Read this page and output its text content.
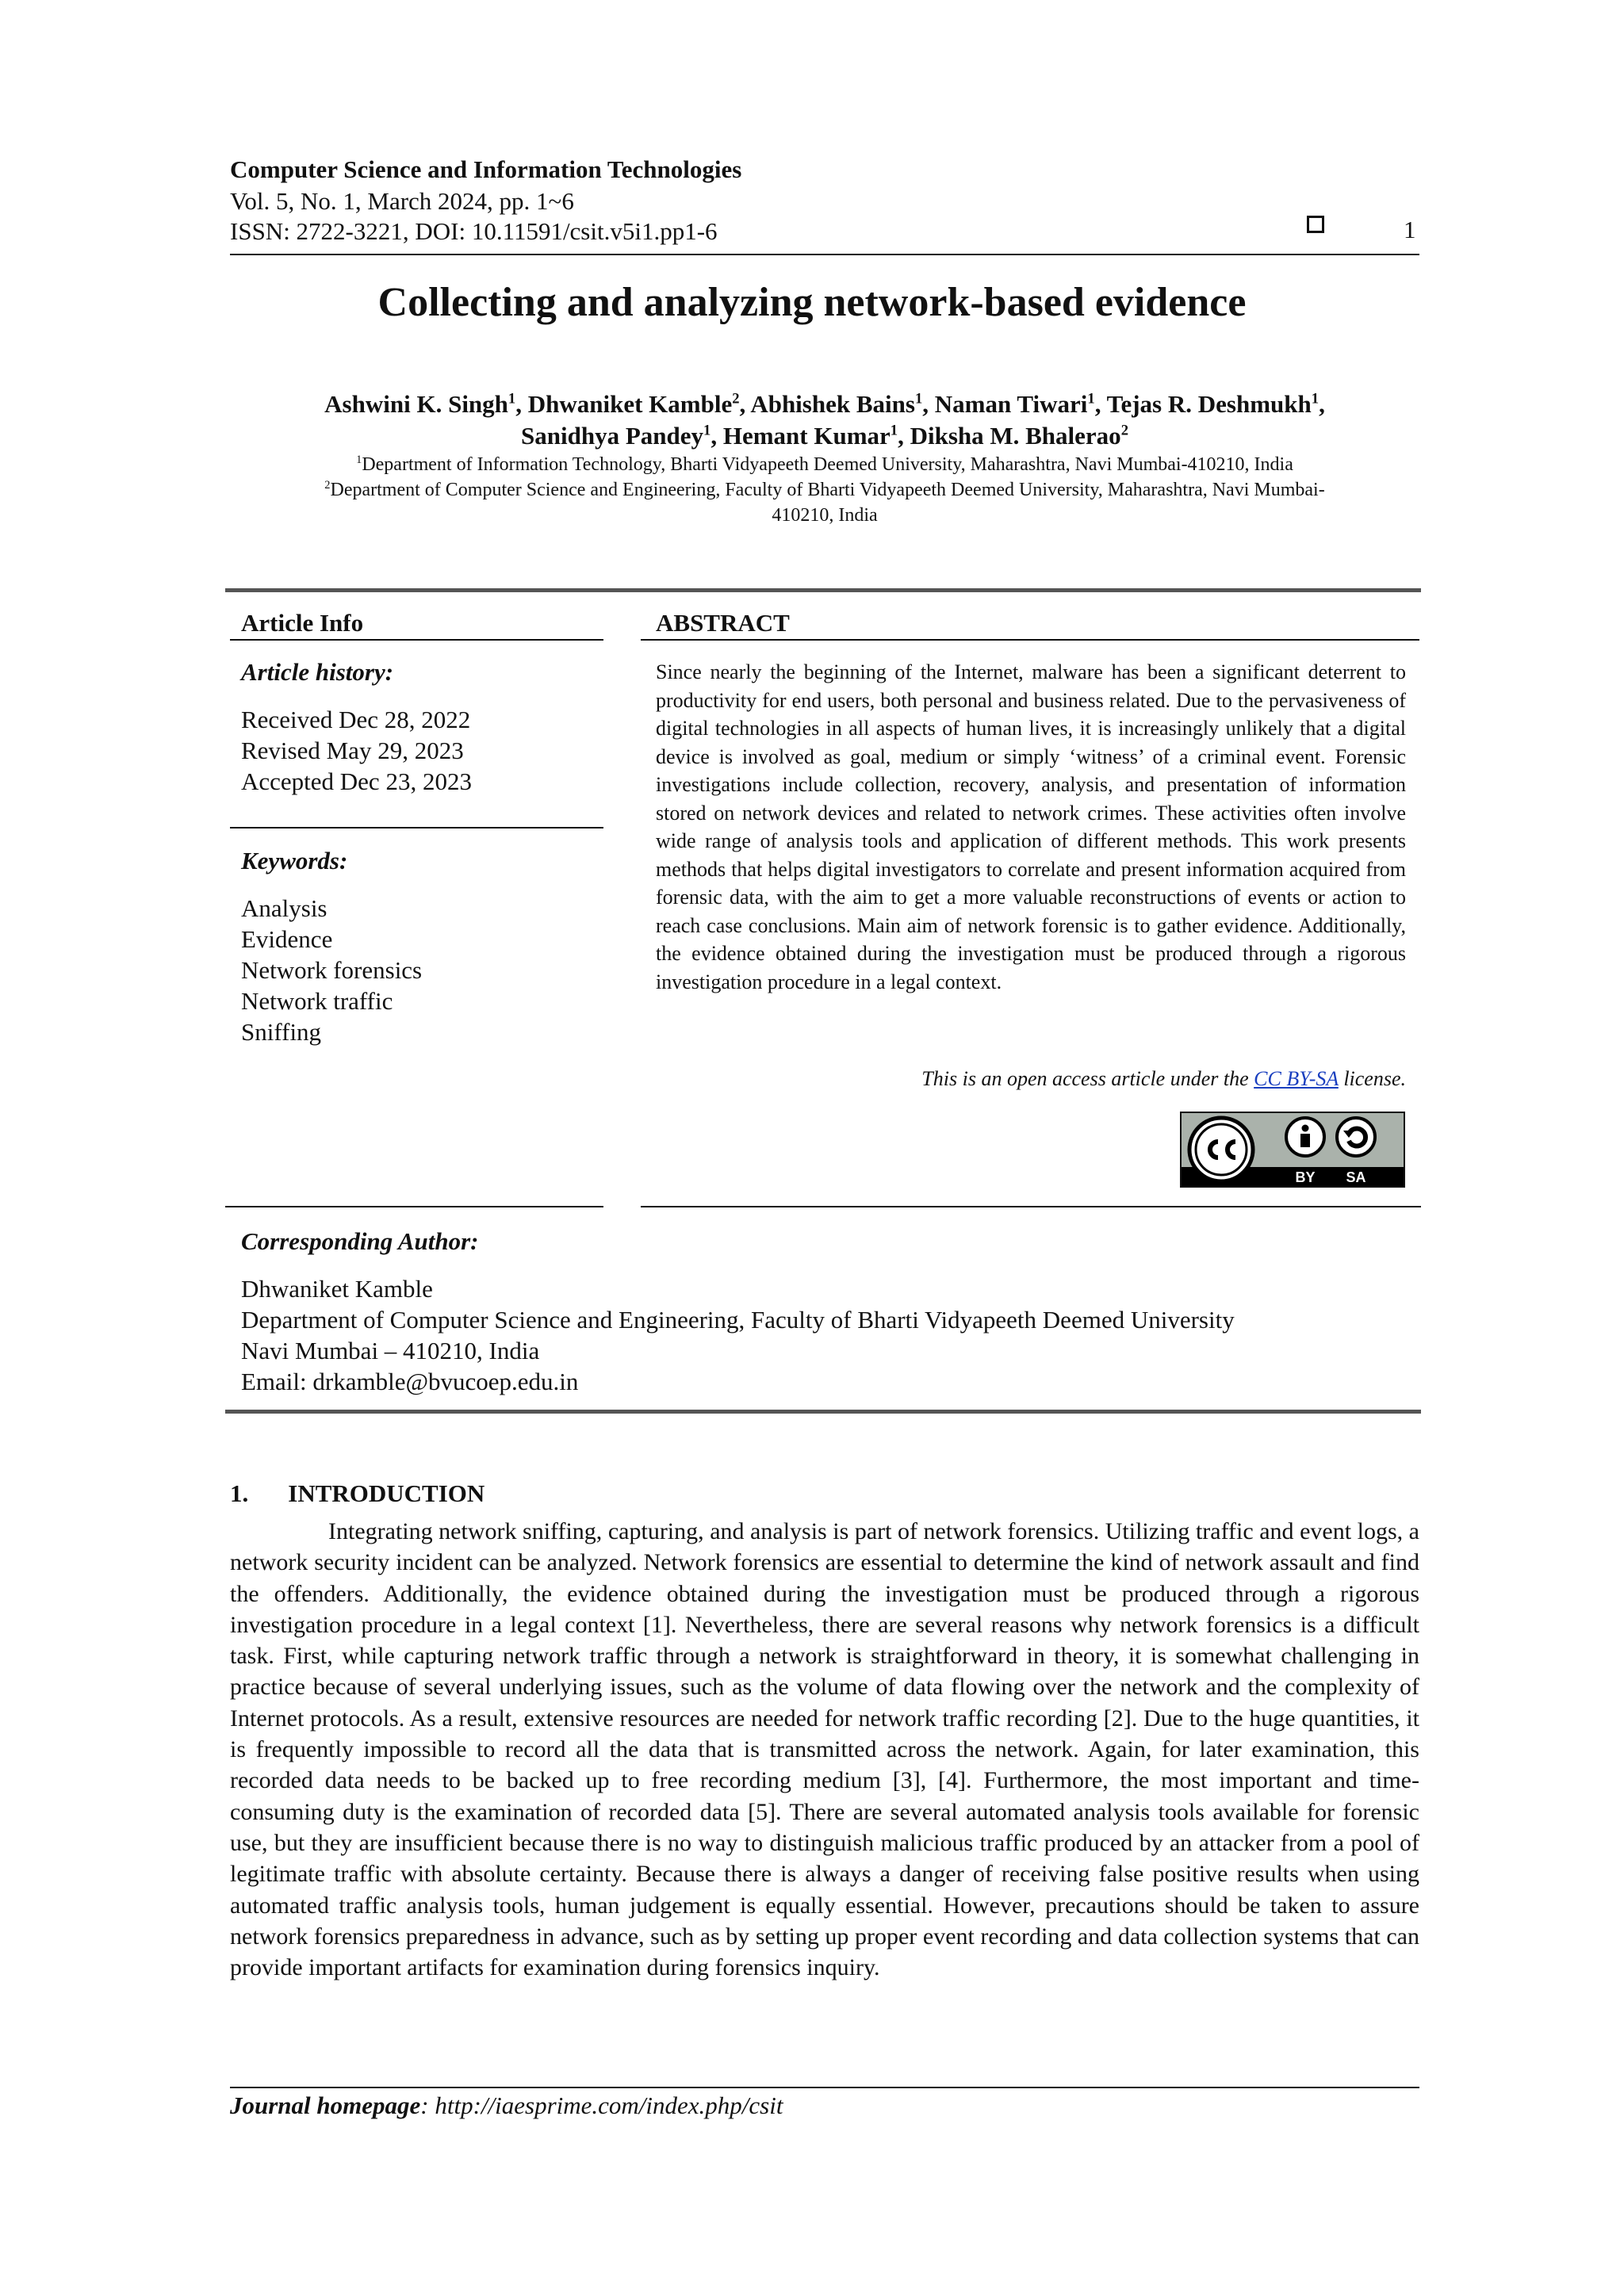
Computer Science and Information Technologies
Vol. 5, No. 1, March 2024, pp. 1~6
ISSN: 2722-3221, DOI: 10.11591/csit.v5i1.pp1-6	1
Collecting and analyzing network-based evidence
Ashwini K. Singh$^1$, Dhwaniket Kamble$^2$, Abhishek Bains$^1$, Naman Tiwari$^1$, Tejas R. Deshmukh$^1$,
Sanidhya Pandey$^1$, Hemant Kumar$^1$, Diksha M. Bhalerao$^2$
$^1$Department of Information Technology, Bharti Vidyapeeth Deemed University, Maharashtra, Navi Mumbai-410210, India
$^2$Department of Computer Science and Engineering, Faculty of Bharti Vidyapeeth Deemed University, Maharashtra, Navi Mumbai-
410210, India
Article Info
Article history:
Received Dec 28, 2022
Revised May 29, 2023
Accepted Dec 23, 2023
Keywords:
Analysis
Evidence
Network forensics
Network traffic
Sniffing
ABSTRACT
Since nearly the beginning of the Internet, malware has been a significant deterrent to productivity for end users, both personal and business related. Due to the pervasiveness of digital technologies in all aspects of human lives, it is increasingly unlikely that a digital device is involved as goal, medium or simply ‘witness’ of a criminal event. Forensic investigations include collection, recovery, analysis, and presentation of information stored on network devices and related to network crimes. These activities often involve wide range of analysis tools and application of different methods. This work presents methods that helps digital investigators to correlate and present information acquired from forensic data, with the aim to get a more valuable reconstructions of events or action to reach case conclusions. Main aim of network forensic is to gather evidence. Additionally, the evidence obtained during the investigation must be produced through a rigorous investigation procedure in a legal context.
This is an open access article under the CC BY-SA license.
BY SA
Corresponding Author:
Dhwaniket Kamble
Department of Computer Science and Engineering, Faculty of Bharti Vidyapeeth Deemed University
Navi Mumbai – 410210, India
Email: drkamble@bvucoep.edu.in
1. INTRODUCTION
Integrating network sniffing, capturing, and analysis is part of network forensics. Utilizing traffic and event logs, a network security incident can be analyzed. Network forensics are essential to determine the kind of network assault and find the offenders. Additionally, the evidence obtained during the investigation must be produced through a rigorous investigation procedure in a legal context [1]. Nevertheless, there are several reasons why network forensics is a difficult task. First, while capturing network traffic through a network is straightforward in theory, it is somewhat challenging in practice because of several underlying issues, such as the volume of data flowing over the network and the complexity of Internet protocols. As a result, extensive resources are needed for network traffic recording [2]. Due to the huge quantities, it is frequently impossible to record all the data that is transmitted across the network. Again, for later examination, this recorded data needs to be backed up to free recording medium [3], [4]. Furthermore, the most important and time-consuming duty is the examination of recorded data [5]. There are several automated analysis tools available for forensic use, but they are insufficient because there is no way to distinguish malicious traffic produced by an attacker from a pool of legitimate traffic with absolute certainty. Because there is always a danger of receiving false positive results when using automated traffic analysis tools, human judgement is equally essential. However, precautions should be taken to assure network forensics preparedness in advance, such as by setting up proper event recording and data collection systems that can provide important artifacts for examination during forensics inquiry.
Journal homepage: http://iaesprime.com/index.php/csit
